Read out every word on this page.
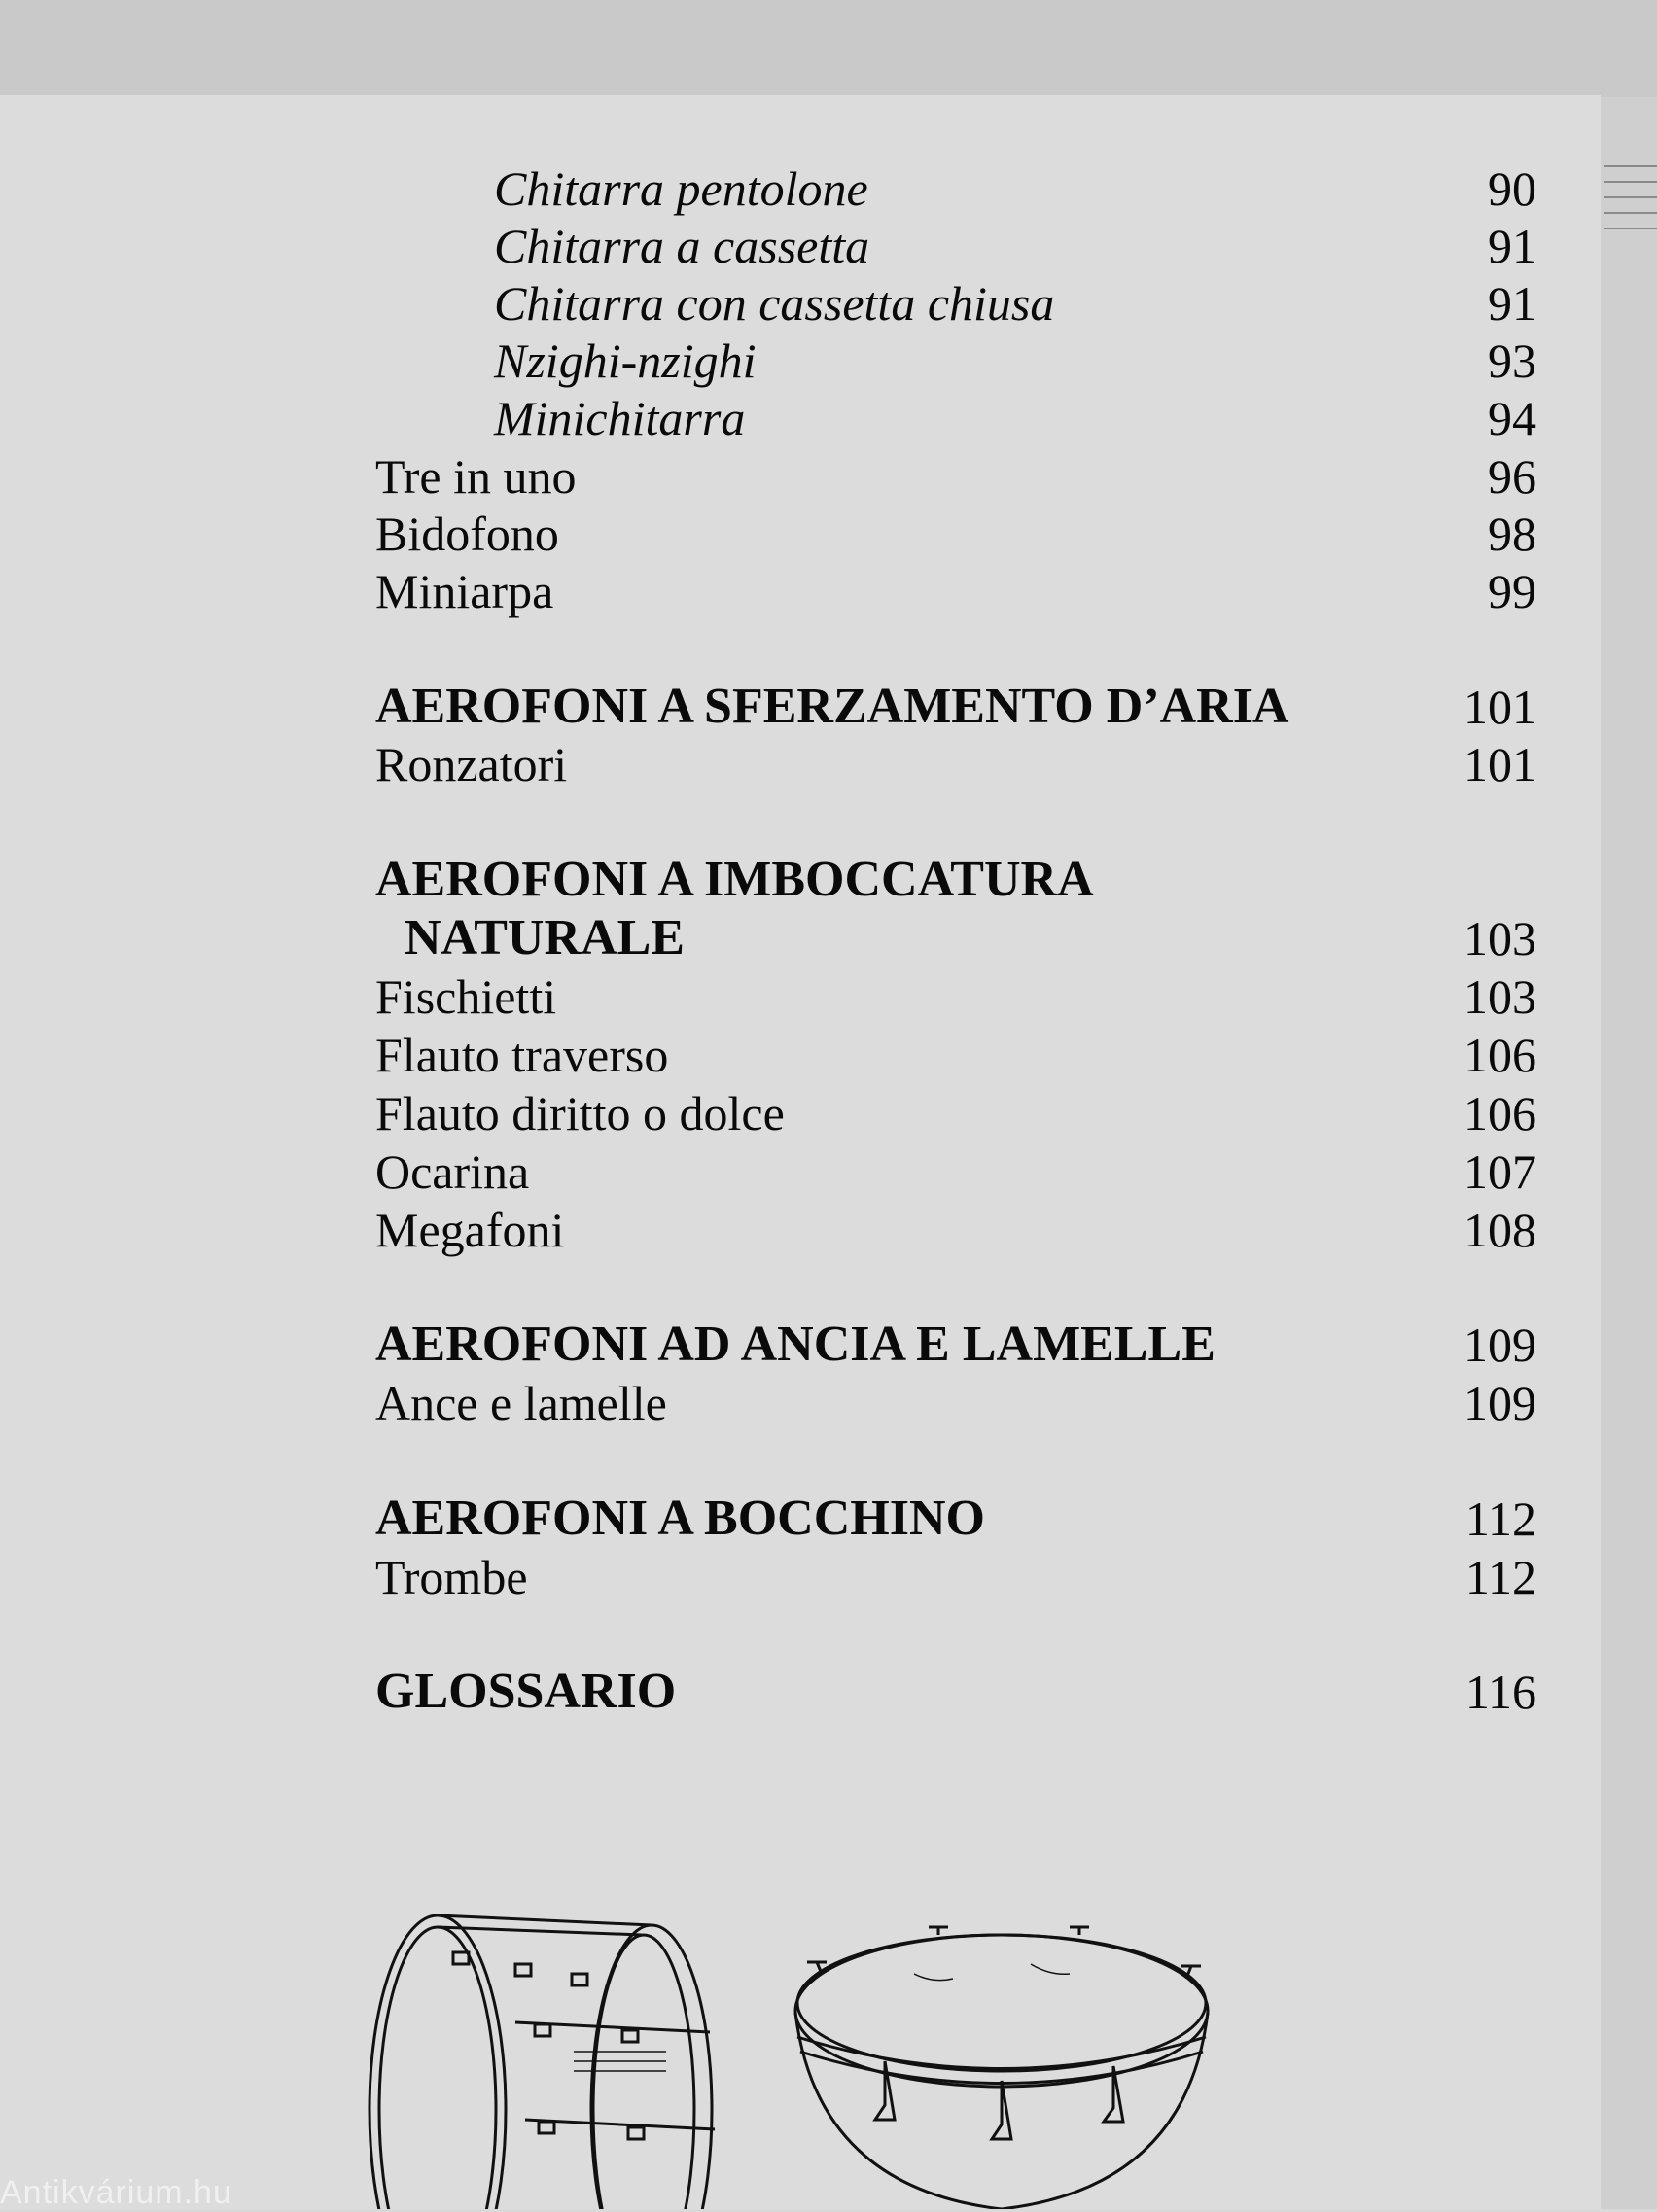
Chitarra pentolone	90
Chitarra a cassetta	91
Chitarra con cassetta chiusa	91
Nzighi-nzighi	93
Minichitarra	94
Tre in uno	96
Bidofono	98
Miniarpa	99
AEROFONI A SFERZAMENTO D’ARIA	101
Ronzatori	101
AEROFONI A IMBOCCATURA
NATURALE	103
Fischietti	103
Flauto traverso	106
Flauto diritto o dolce	106
Ocarina	107
Megafoni	108
AEROFONI AD ANCIA E LAMELLE	109
Ance e lamelle	109
AEROFONI A BOCCHINO	112
Trombe	112
GLOSSARIO	116
Antikvárium.hu
